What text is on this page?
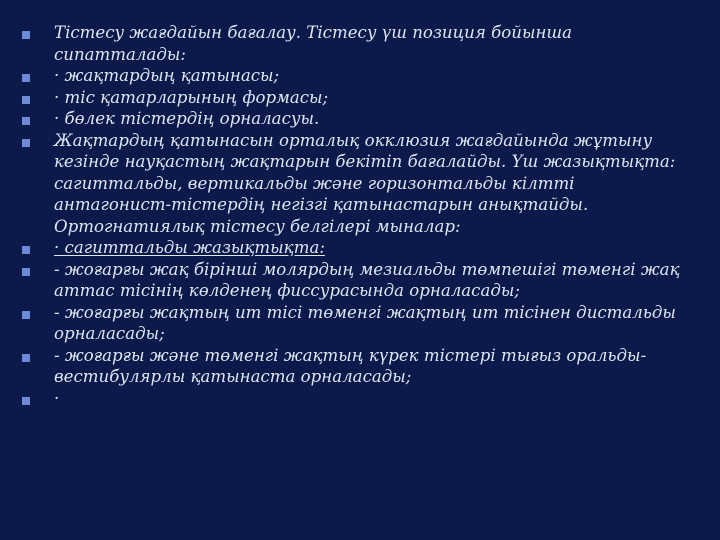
Тістесу жағдайын бағалау. Тістесу үш позиция бойынша сипатталады:
· жақтардың қатынасы;
· тіс қатарларының формасы;
· бөлек тістердің орналасуы.
Жақтардың қатынасын орталық окклюзия жағдайында жұтыну кезінде науқастың жақтарын бекітіп бағалайды. Үш жазықтықта: сагиттальды, вертикальды және горизонтальды кілтті антагонист-тістердің негізгі қатынастарын анықтайды. Ортогнатиялық тістесу белгілері мыналар:
· сагиттальды жазықтықта:
- жоғарғы жақ бірінші молярдың мезиальды төмпешігі төменгі жақ аттас тісінің көлденең фиссурасында орналасады;
- жоғарғы жақтың ит тісі төменгі жақтың ит тісінен дистальды орналасады;
- жоғарғы және төменгі жақтың күрек тістері тығыз оральды-вестибулярлы қатынаста орналасады;
·
